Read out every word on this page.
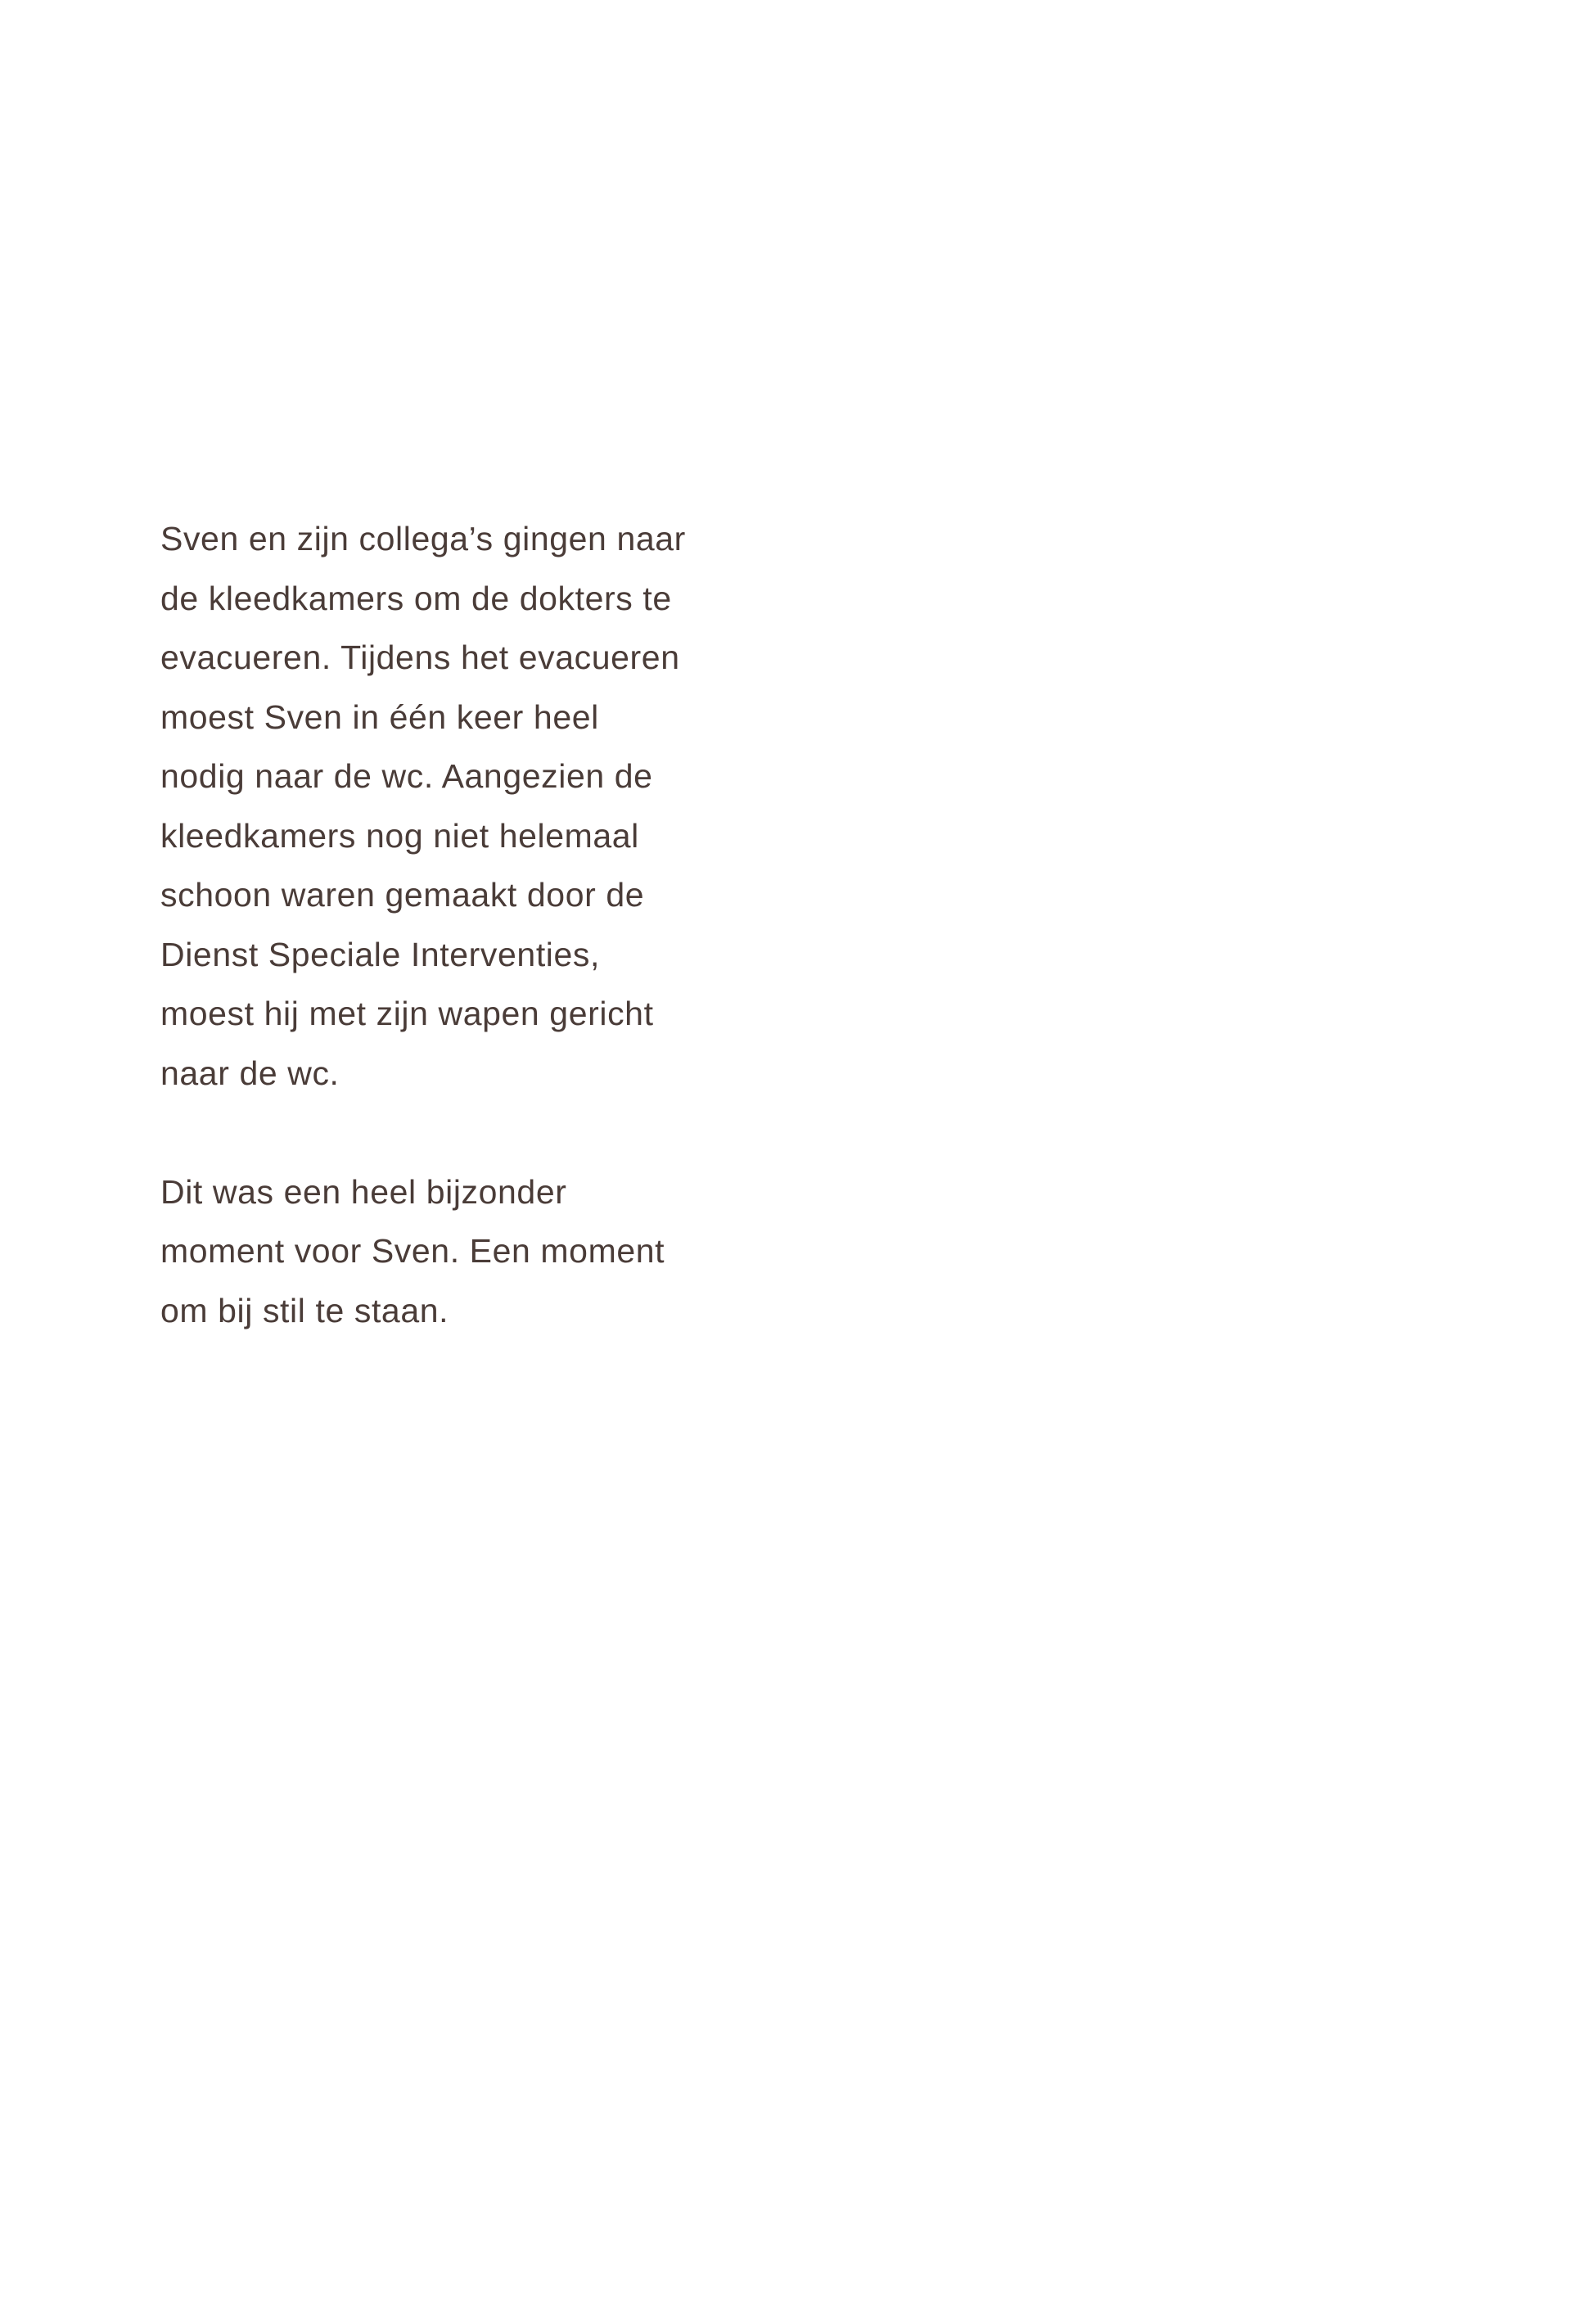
Sven en zijn collega’s gingen naar
de kleedkamers om de dokters te
evacueren. Tijdens het evacueren
moest Sven in één keer heel
nodig naar de wc. Aangezien de
kleedkamers nog niet helemaal
schoon waren gemaakt door de
Dienst Speciale Interventies,
moest hij met zijn wapen gericht
naar de wc.

Dit was een heel bijzonder
moment voor Sven. Een moment
om bij stil te staan.
